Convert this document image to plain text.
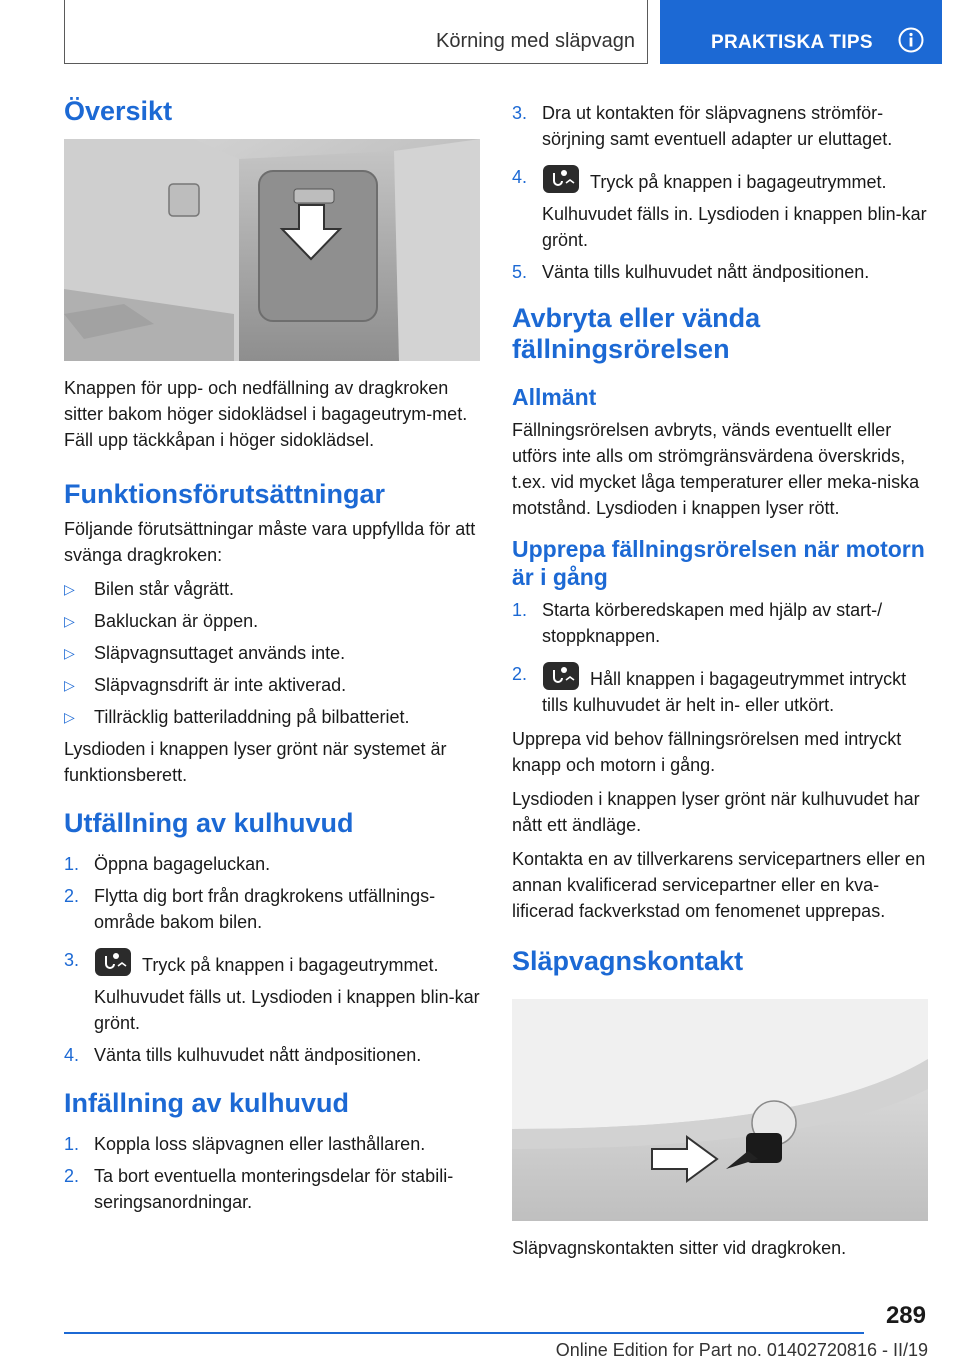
Körning med släpvagn	PRAKTISKA TIPS
Översikt

Knappen för upp- och nedfällning av dragkroken sitter bakom höger sidoklädsel i bagageutrym-met. Fäll upp täckkåpan i höger sidoklädsel.

Funktionsförutsättningar

Följande förutsättningar måste vara uppfyllda för att svänga dragkroken:

▷ Bilen står vågrätt.
▷ Bakluckan är öppen.
▷ Släpvagnsuttaget används inte.
▷ Släpvagnsdrift är inte aktiverad.
▷ Tillräcklig batteriladdning på bilbatteriet.

Lysdioden i knappen lyser grönt när systemet är funktionsberett.

Utfällning av kulhuvud
1. Öppna bagageluckan.
2. Flytta dig bort från dragkrokens utfällnings-område bakom bilen.
3.	Tryck på knappen i bagageutrymmet.
Kulhuvudet fälls ut. Lysdioden i knappen blin-kar grönt.
4. Vänta tills kulhuvudet nått ändpositionen.
Infällning av kulhuvud
1. Koppla loss släpvagnen eller lasthållaren.
2. Ta bort eventuella monteringsdelar för stabili-seringsanordningar.
3. Dra ut kontakten för släpvagnens strömför-sörjning samt eventuell adapter ur eluttaget.
4.	Tryck på knappen i bagageutrymmet.
Kulhuvudet fälls in. Lysdioden i knappen blin-kar grönt.
5. Vänta tills kulhuvudet nått ändpositionen.
Avbryta eller vända fällningsrörelsen
Allmänt

Fällningsrörelsen avbryts, vänds eventuellt eller utförs inte alls om strömgränsvärdena överskrids, t.ex. vid mycket låga temperaturer eller meka-niska motstånd. Lysdioden i knappen lyser rött.

Upprepa fällningsrörelsen när motorn är i gång
1. Starta körberedskapen med hjälp av start-/ stoppknappen.
2.	Håll knappen i bagageutrymmet intryckt tills kulhuvudet är helt in- eller utkört.

Upprepa vid behov fällningsrörelsen med intryckt knapp och motorn i gång.

Lysdioden i knappen lyser grönt när kulhuvudet har nått ett ändläge.

Kontakta en av tillverkarens servicepartners eller en annan kvalificerad servicepartner eller en kva-lificerad fackverkstad om fenomenet upprepas.

Släpvagnskontakt

Släpvagnskontakten sitter vid dragkroken.

289
Online Edition for Part no. 01402720816 - II/19
